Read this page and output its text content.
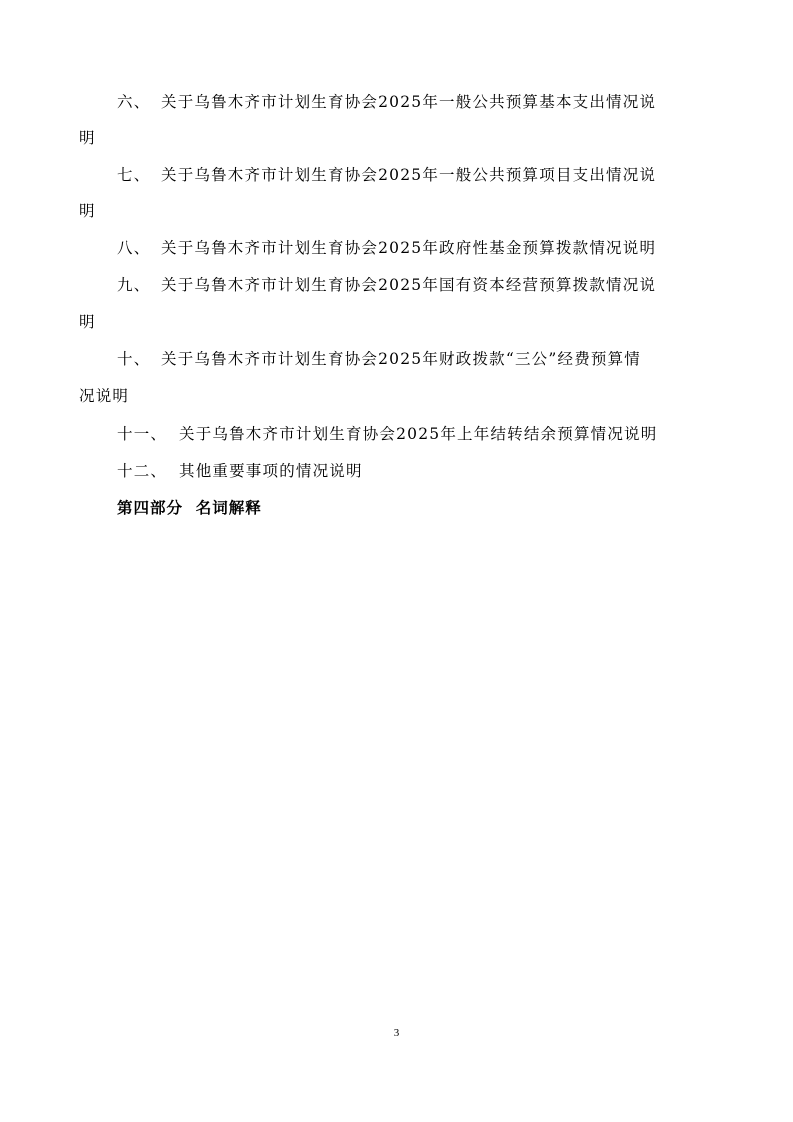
六、 关于乌鲁木齐市计划生育协会2025年一般公共预算基本支出情况说
明
七、 关于乌鲁木齐市计划生育协会2025年一般公共预算项目支出情况说
明
八、 关于乌鲁木齐市计划生育协会2025年政府性基金预算拨款情况说明
九、 关于乌鲁木齐市计划生育协会2025年国有资本经营预算拨款情况说
明
十、 关于乌鲁木齐市计划生育协会2025年财政拨款“三公”经费预算情
况说明
十一、 关于乌鲁木齐市计划生育协会2025年上年结转结余预算情况说明
十二、 其他重要事项的情况说明
第四部分  名词解释
3
